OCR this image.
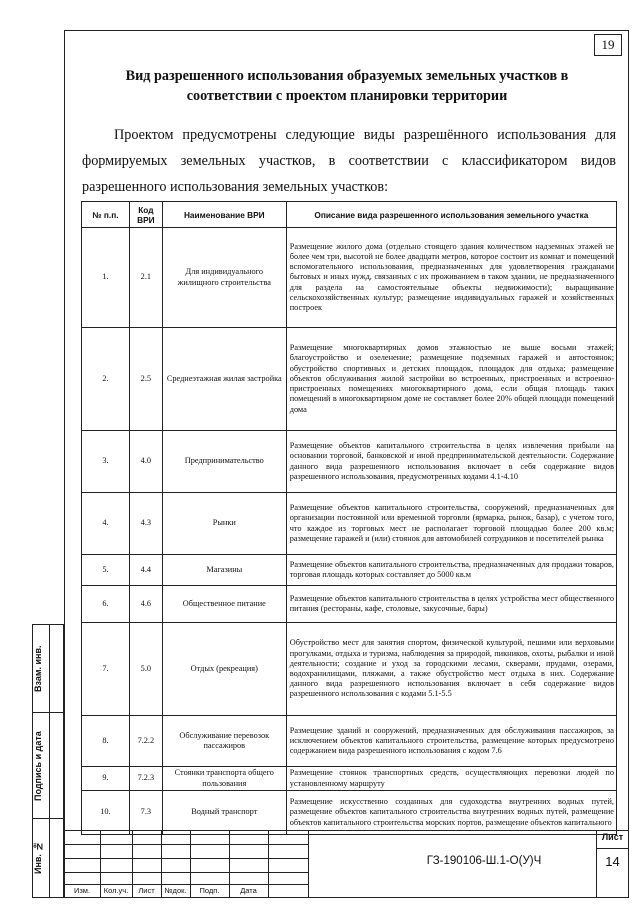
19
Вид разрешенного использования образуемых земельных участков в соответствии с проектом планировки территории

Проектом предусмотрены следующие виды разрешённого использования для формируемых земельных участков, в соответствии с классификатором видов разрешенного использования земельных участков:

№ п.п.	Код ВРИ	Наименование ВРИ	Описание вида разрешенного использования земельного участка
1.	2.1	Для индивидуального жилищного строительства	Размещение жилого дома (отдельно стоящего здания количеством надземных этажей не более чем три, высотой не более двадцати метров, которое состоит из комнат и помещений вспомогательного использования, предназначенных для удовлетворения гражданами бытовых и иных нужд, связанных с их проживанием в таком здании, не предназначенного для раздела на самостоятельные объекты недвижимости); выращивание сельскохозяйственных культур; размещение индивидуальных гаражей и хозяйственных построек
2.	2.5	Среднеэтажная жилая застройка	Размещение многоквартирных домов этажностью не выше восьми этажей; благоустройство и озеленение; размещение подземных гаражей и автостоянок; обустройство спортивных и детских площадок, площадок для отдыха; размещение объектов обслуживания жилой застройки во встроенных, пристроенных и встроенно-пристроенных помещениях многоквартирного дома, если общая площадь таких помещений в многоквартирном доме не составляет более 20% общей площади помещений дома
3.	4.0	Предпринимательство	Размещение объектов капитального строительства в целях извлечения прибыли на основании торговой, банковской и иной предпринимательской деятельности. Содержание данного вида разрешенного использования включает в себя содержание видов разрешенного использования, предусмотренных кодами 4.1-4.10
4.	4.3	Рынки	Размещение объектов капитального строительства, сооружений, предназначенных для организации постоянной или временной торговли (ярмарка, рынок, базар), с учетом того, что каждое из торговых мест не располагает торговой площадью более 200 кв.м; размещение гаражей и (или) стоянок для автомобилей сотрудников и посетителей рынка
5.	4.4	Магазины	Размещение объектов капитального строительства, предназначенных для продажи товаров, торговая площадь которых составляет до 5000 кв.м
6.	4.6	Общественное питание	Размещение объектов капитального строительства в целях устройства мест общественного питания (рестораны, кафе, столовые, закусочные, бары)
7.	5.0	Отдых (рекреация)	Обустройство мест для занятия спортом, физической культурой, пешими или верховыми прогулками, отдыха и туризма, наблюдения за природой, пикников, охоты, рыбалки и иной деятельности; создание и уход за городскими лесами, скверами, прудами, озерами, водохранилищами, пляжами, а также обустройство мест отдыха в них. Содержание данного вида разрешенного использования включает в себя содержание видов разрешенного использования с кодами 5.1-5.5
8.	7.2.2	Обслуживание перевозок пассажиров	Размещение зданий и сооружений, предназначенных для обслуживания пассажиров, за исключением объектов капитального строительства, размещение которых предусмотрено содержанием вида разрешенного использования с кодом 7.6
9.	7.2.3	Стоянки транспорта общего пользования	Размещение стоянок транспортных средств, осуществляющих перевозки людей по установленному маршруту
10.	7.3	Водный транспорт	Размещение искусственно созданных для судоходства внутренних водных путей, размещение объектов капитального строительства внутренних водных путей, размещение объектов капитального строительства морских портов, размещение объектов капитального
Взам. инв.
Подпись и дата
Инв. №
Изм.	Кол.уч.	Лист	№док.	Подп.	Дата
ГЗ-190106-Ш.1-О(У)Ч
Лист
14
